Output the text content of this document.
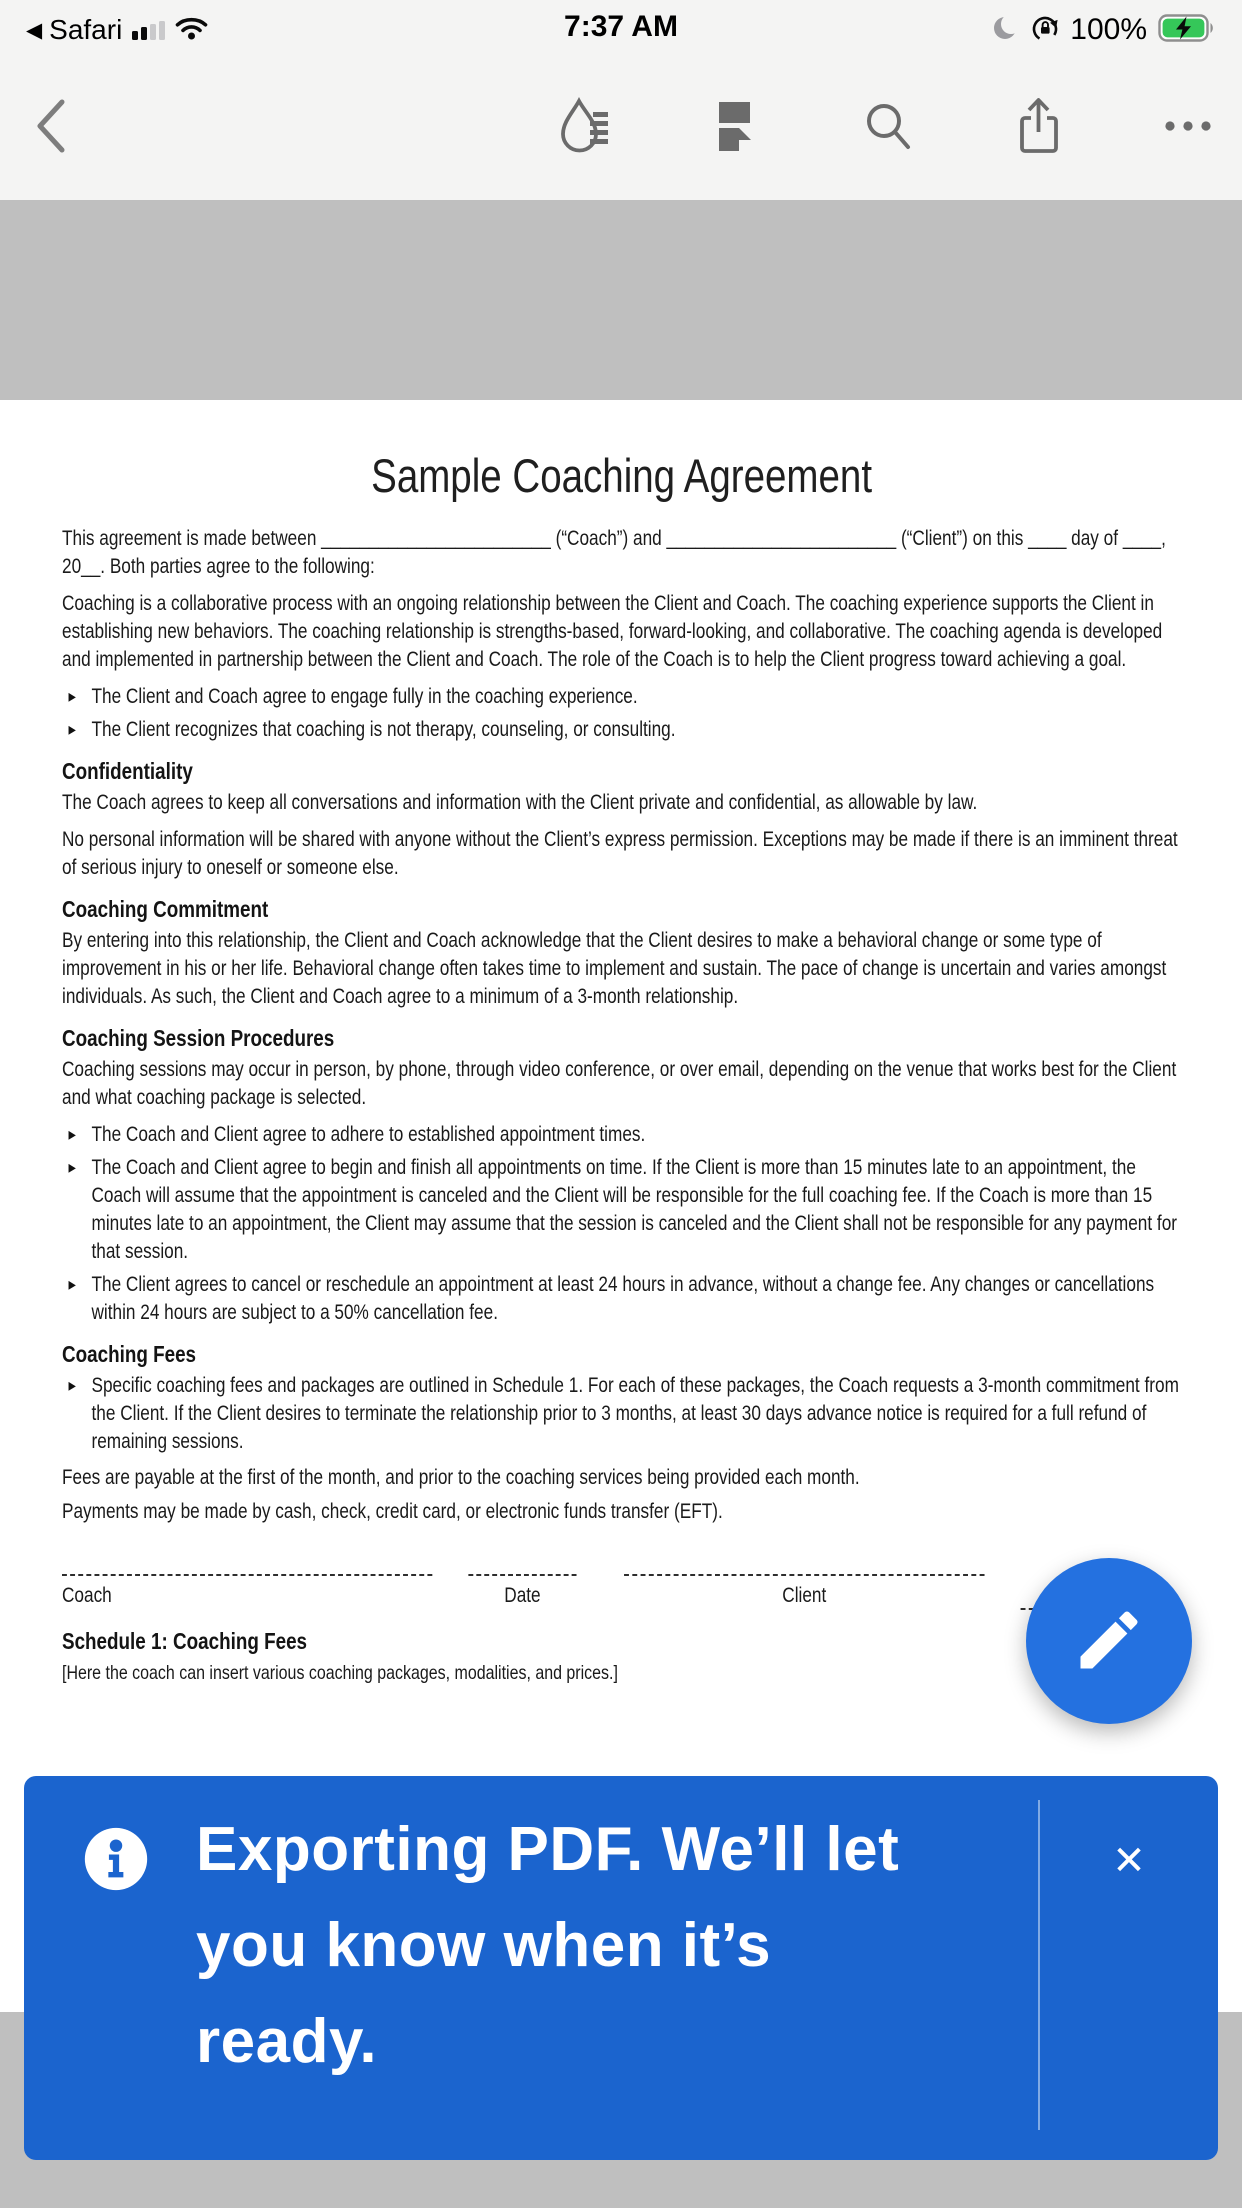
◀ Safari	7:37 AM	100%
Sample Coaching Agreement

This agreement is made between ________________________ (“Coach”) and ________________________ (“Client”) on this ____ day of ____, 20__. Both parties agree to the following:

Coaching is a collaborative process with an ongoing relationship between the Client and Coach. The coaching experience supports the Client in establishing new behaviors. The coaching relationship is strengths-based, forward-looking, and collaborative. The coaching agenda is developed and implemented in partnership between the Client and Coach. The role of the Coach is to help the Client progress toward achieving a goal.

▸ The Client and Coach agree to engage fully in the coaching experience.
▸ The Client recognizes that coaching is not therapy, counseling, or consulting.
Confidentiality

The Coach agrees to keep all conversations and information with the Client private and confidential, as allowable by law.

No personal information will be shared with anyone without the Client’s express permission. Exceptions may be made if there is an imminent threat of serious injury to oneself or someone else.

Coaching Commitment

By entering into this relationship, the Client and Coach acknowledge that the Client desires to make a behavioral change or some type of improvement in his or her life. Behavioral change often takes time to implement and sustain. The pace of change is uncertain and varies amongst individuals. As such, the Client and Coach agree to a minimum of a 3-month relationship.

Coaching Session Procedures

Coaching sessions may occur in person, by phone, through video conference, or over email, depending on the venue that works best for the Client and what coaching package is selected.

▸ The Coach and Client agree to adhere to established appointment times.
▸ The Coach and Client agree to begin and finish all appointments on time. If the Client is more than 15 minutes late to an appointment, the Coach will assume that the appointment is canceled and the Client will be responsible for the full coaching fee. If the Coach is more than 15 minutes late to an appointment, the Client may assume that the session is canceled and the Client shall not be responsible for any payment for that session.
▸ The Client agrees to cancel or reschedule an appointment at least 24 hours in advance, without a change fee. Any changes or cancellations within 24 hours are subject to a 50% cancellation fee.
Coaching Fees
▸ Specific coaching fees and packages are outlined in Schedule 1. For each of these packages, the Coach requests a 3-month commitment from the Client. If the Client desires to terminate the relationship prior to 3 months, at least 30 days advance notice is required for a full refund of remaining sessions.

Fees are payable at the first of the month, and prior to the coaching services being provided each month.

Payments may be made by cash, check, credit card, or electronic funds transfer (EFT).

Coach	Date	Client
Schedule 1: Coaching Fees

[Here the coach can insert various coaching packages, modalities, and prices.]

Exporting PDF. We’ll let
you know when it’s
ready.
✕
